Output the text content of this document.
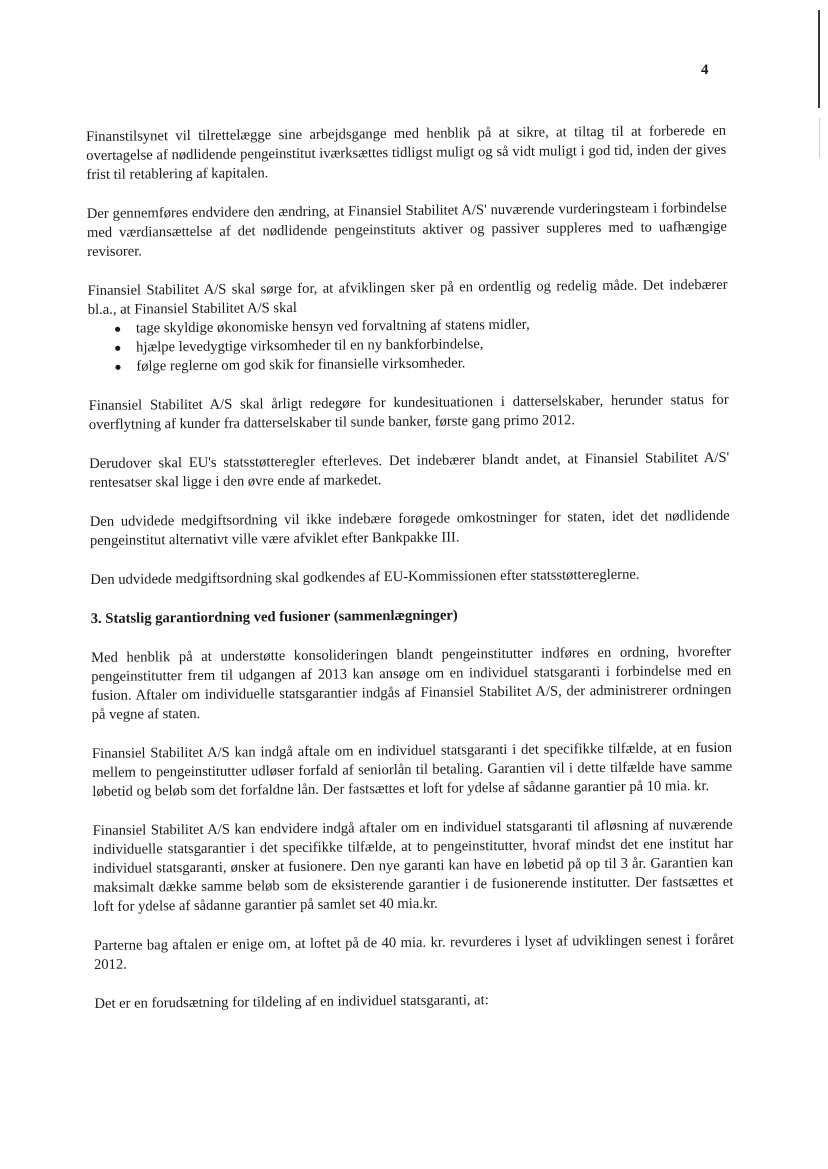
4

Finanstilsynet vil tilrettelægge sine arbejdsgange med henblik på at sikre, at tiltag til at forberede en overtagelse af nødlidende pengeinstitut iværksættes tidligst muligt og så vidt muligt i god tid, inden der gives frist til retablering af kapitalen.

Der gennemføres endvidere den ændring, at Finansiel Stabilitet A/S' nuværende vurderingsteam i forbindelse med værdiansættelse af det nødlidende pengeinstituts aktiver og passiver suppleres med to uafhængige revisorer.

Finansiel Stabilitet A/S skal sørge for, at afviklingen sker på en ordentlig og redelig måde. Det indebærer bl.a., at Finansiel Stabilitet A/S skal

● tage skyldige økonomiske hensyn ved forvaltning af statens midler,
● hjælpe levedygtige virksomheder til en ny bankforbindelse,
● følge reglerne om god skik for finansielle virksomheder.

Finansiel Stabilitet A/S skal årligt redegøre for kundesituationen i datterselskaber, herunder status for overflytning af kunder fra datterselskaber til sunde banker, første gang primo 2012.

Derudover skal EU's statsstøtteregler efterleves. Det indebærer blandt andet, at Finansiel Stabilitet A/S' rentesatser skal ligge i den øvre ende af markedet.

Den udvidede medgiftsordning vil ikke indebære forøgede omkostninger for staten, idet det nødlidende pengeinstitut alternativt ville være afviklet efter Bankpakke III.

Den udvidede medgiftsordning skal godkendes af EU-Kommissionen efter statsstøttereglerne.

3. Statslig garantiordning ved fusioner (sammenlægninger)

Med henblik på at understøtte konsolideringen blandt pengeinstitutter indføres en ordning, hvorefter pengeinstitutter frem til udgangen af 2013 kan ansøge om en individuel statsgaranti i forbindelse med en fusion. Aftaler om individuelle statsgarantier indgås af Finansiel Stabilitet A/S, der administrerer ordningen på vegne af staten.

Finansiel Stabilitet A/S kan indgå aftale om en individuel statsgaranti i det specifikke tilfælde, at en fusion mellem to pengeinstitutter udløser forfald af seniorlån til betaling. Garantien vil i dette tilfælde have samme løbetid og beløb som det forfaldne lån. Der fastsættes et loft for ydelse af sådanne garantier på 10 mia. kr.

Finansiel Stabilitet A/S kan endvidere indgå aftaler om en individuel statsgaranti til afløsning af nuværende individuelle statsgarantier i det specifikke tilfælde, at to pengeinstitutter, hvoraf mindst det ene institut har individuel statsgaranti, ønsker at fusionere. Den nye garanti kan have en løbetid på op til 3 år. Garantien kan maksimalt dække samme beløb som de eksisterende garantier i de fusionerende institutter. Der fastsættes et loft for ydelse af sådanne garantier på samlet set 40 mia.kr.

Parterne bag aftalen er enige om, at loftet på de 40 mia. kr. revurderes i lyset af udviklingen senest i foråret 2012.

Det er en forudsætning for tildeling af en individuel statsgaranti, at:
